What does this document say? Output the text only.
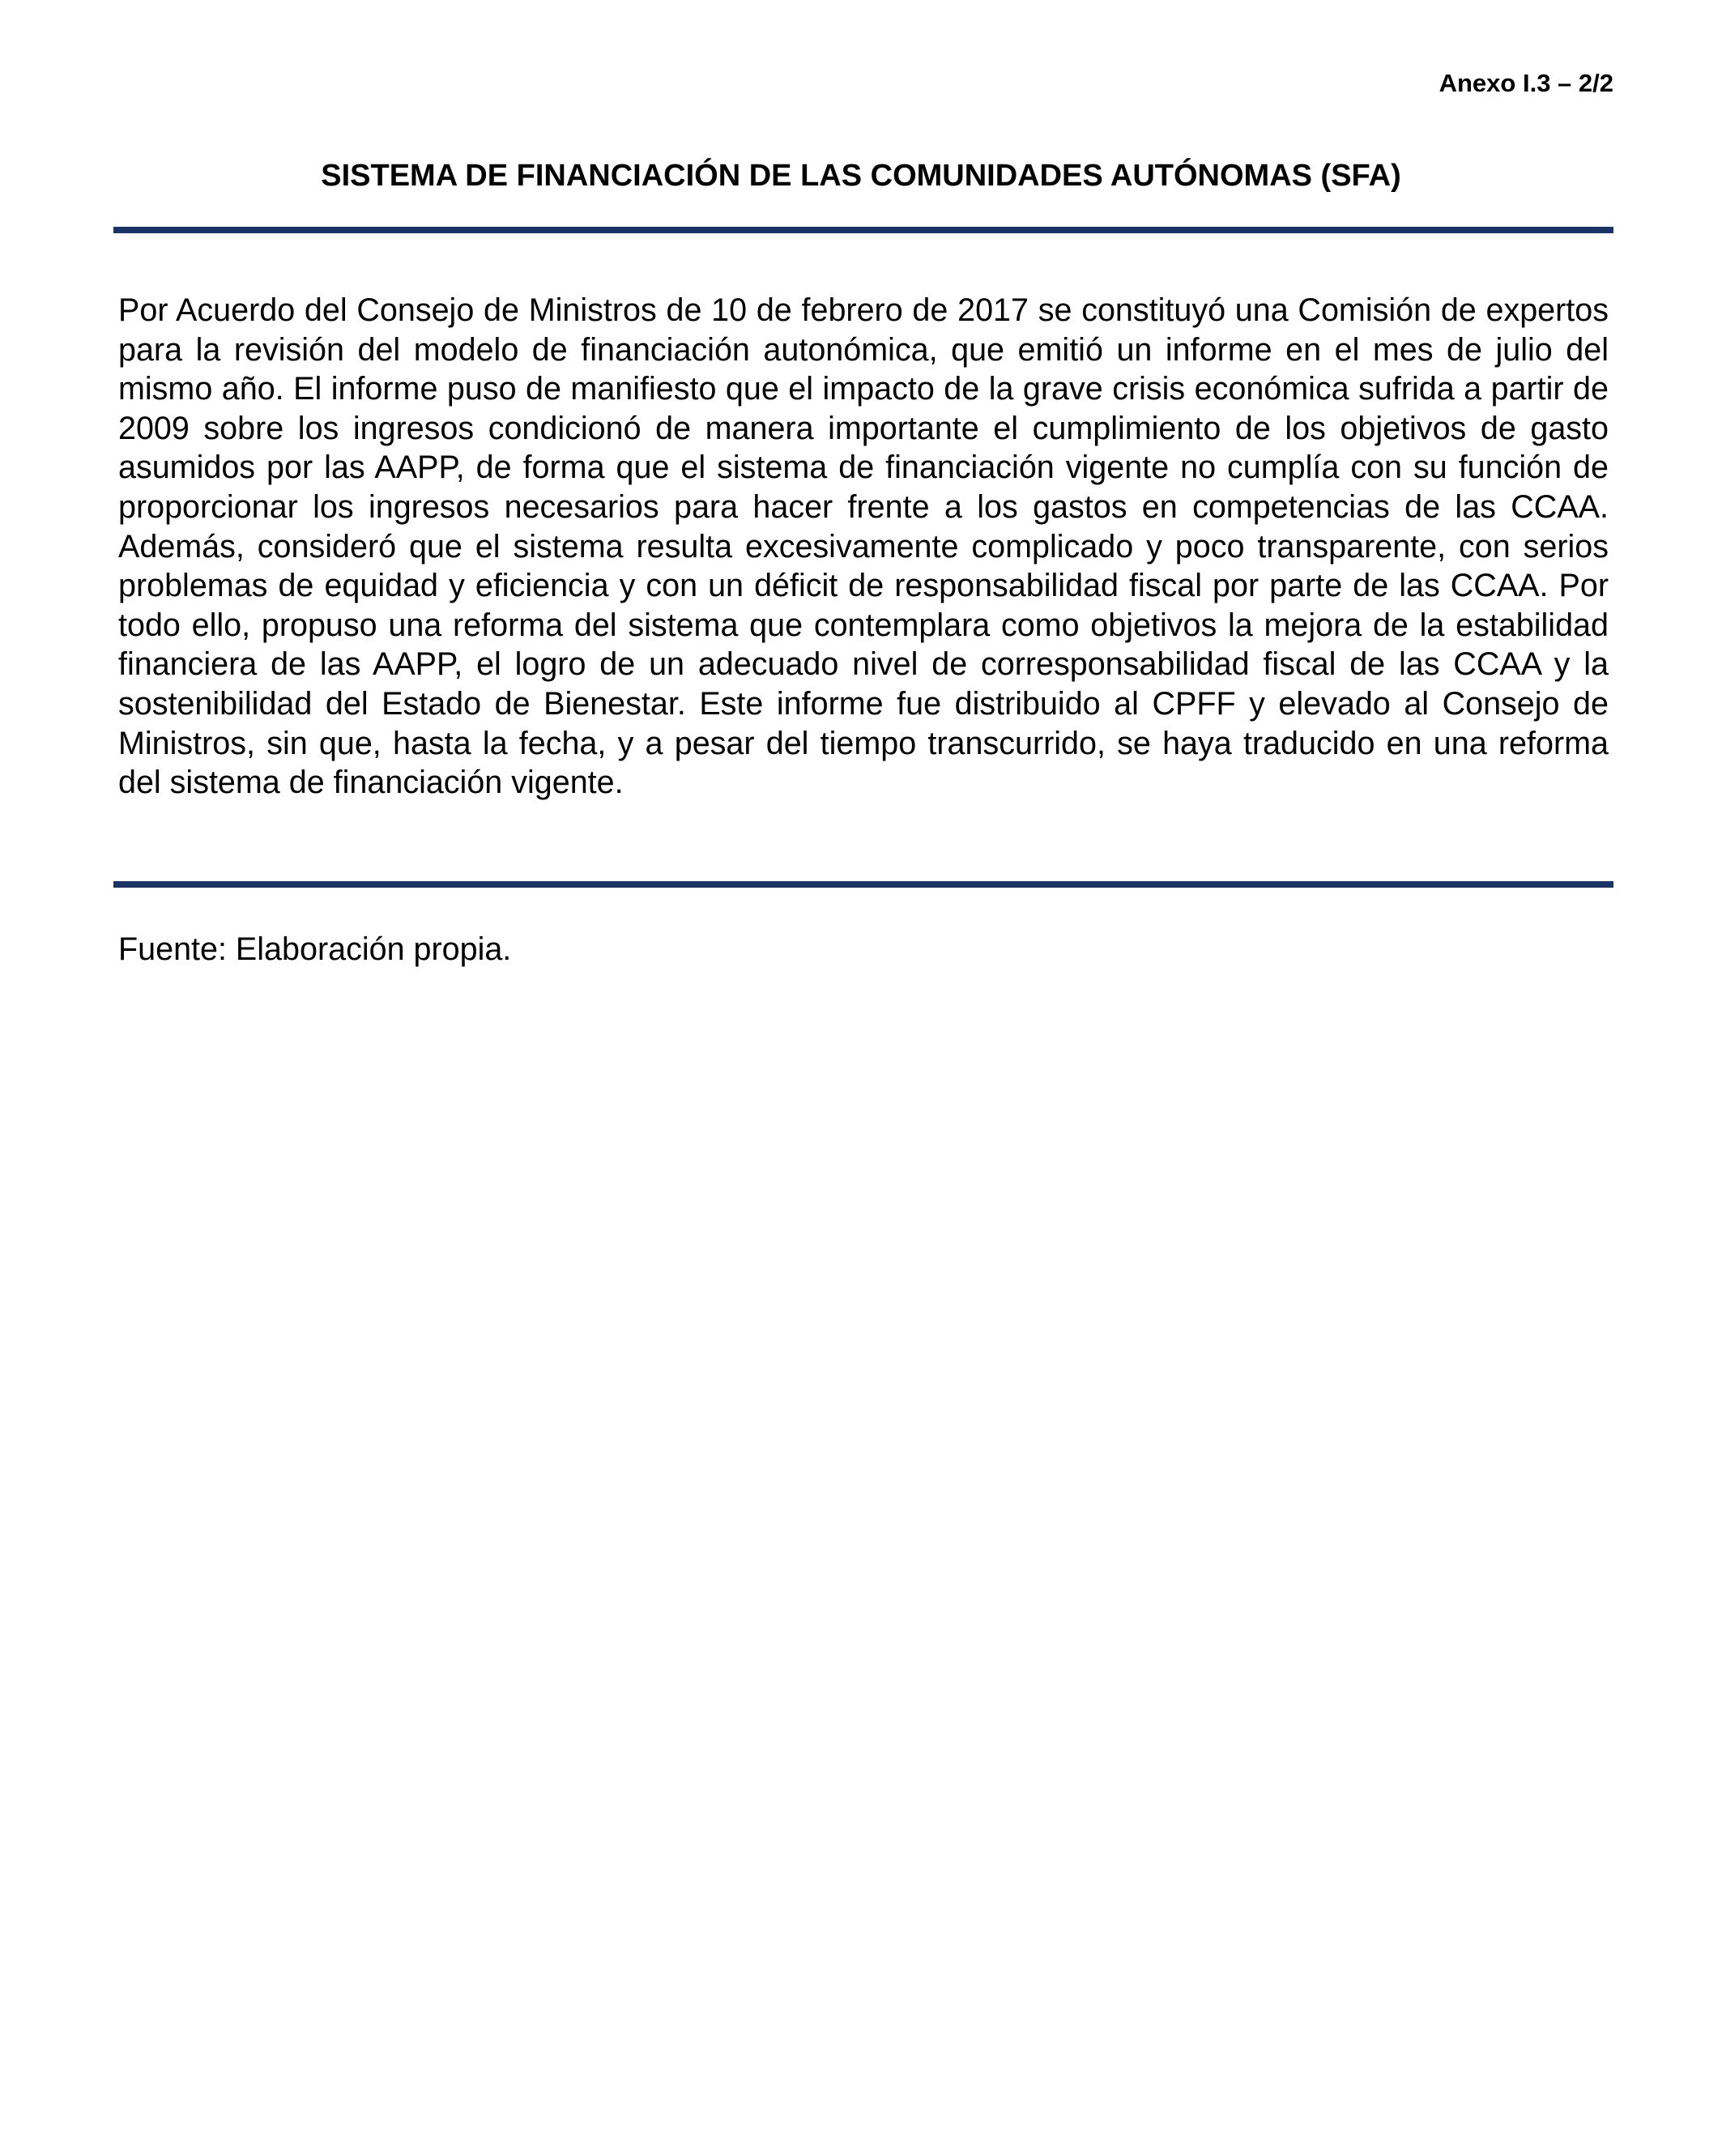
Anexo I.3 – 2/2
SISTEMA DE FINANCIACIÓN DE LAS COMUNIDADES AUTÓNOMAS (SFA)

Por Acuerdo del Consejo de Ministros de 10 de febrero de 2017 se constituyó una Comisión de expertos para la revisión del modelo de financiación autonómica, que emitió un informe en el mes de julio del mismo año. El informe puso de manifiesto que el impacto de la grave crisis económica sufrida a partir de 2009 sobre los ingresos condicionó de manera importante el cumplimiento de los objetivos de gasto asumidos por las AAPP, de forma que el sistema de financiación vigente no cumplía con su función de proporcionar los ingresos necesarios para hacer frente a los gastos en competencias de las CCAA. Además, consideró que el sistema resulta excesivamente complicado y poco transparente, con serios problemas de equidad y eficiencia y con un déficit de responsabilidad fiscal por parte de las CCAA. Por todo ello, propuso una reforma del sistema que contemplara como objetivos la mejora de la estabilidad financiera de las AAPP, el logro de un adecuado nivel de corresponsabilidad fiscal de las CCAA y la sostenibilidad del Estado de Bienestar. Este informe fue distribuido al CPFF y elevado al Consejo de Ministros, sin que, hasta la fecha, y a pesar del tiempo transcurrido, se haya traducido en una reforma del sistema de financiación vigente.

Fuente: Elaboración propia.
